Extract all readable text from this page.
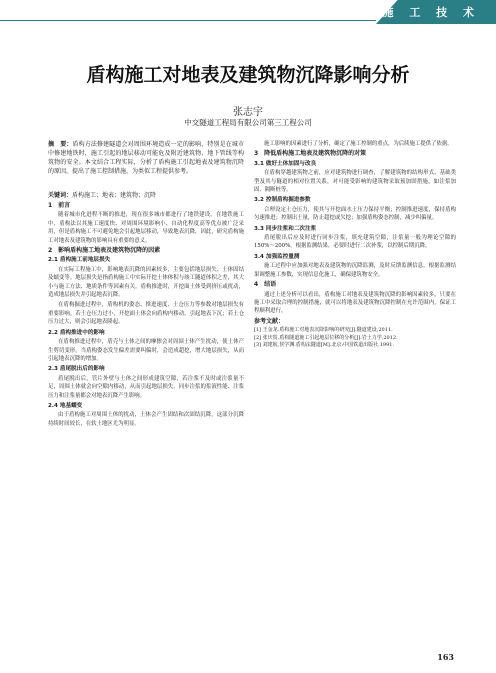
施 工 技 术
盾构施工对地表及建筑物沉降影响分析
张志宇
中交隧道工程局有限公司第三工程公司
摘　要：盾构方法修建隧道会对周围环境造成一定的影响，特别是在城市中修建地铁时，施工引起的地层移动可能危及附近建筑物、地下管线等构筑物的安全。本文结合工程实际，分析了盾构施工引起地表及建筑物沉降的原因，提出了施工控制措施，为类似工程提供参考。
关键词：盾构施工；地表；建筑物；沉降
1　前言

随着城市化进程不断的推进，现在很多城市都进行了地铁建设。在地铁施工中，盾构法以其施工速度快、对周围环境影响小、自动化程度高等优点被广泛采用，但是盾构施工不可避免地会引起地层移动，导致地表沉降，因此，研究盾构施工对地表及建筑物的影响具有重要的意义。

2　影响盾构施工地表及建筑物沉降的因素
2.1 盾构施工前地层损失

在实际工程施工中，影响地表沉降的因素较多，主要包括地层损失、土体固结及蠕变等。地层损失是指盾构施工中实际开挖土体体积与竣工隧道体积之差，其大小与施工方法、地质条件等因素有关。盾构推进时，开挖面土体受到挤压或扰动，造成地层损失并引起地表沉降。

在盾构掘进过程中，盾构机的姿态、推进速度、土仓压力等参数对地层损失有重要影响。若土仓压力过小，开挖面土体会向盾构内移动，引起地表下沉；若土仓压力过大，则会引起地表隆起。

2.2 盾构推进中的影响

在盾构推进过程中，盾壳与土体之间的摩擦会对周围土体产生扰动，使土体产生剪切变形。当盾构姿态发生偏差需要纠偏时，会造成超挖，增大地层损失，从而引起地表沉降的增加。

2.3 盾尾脱出后的影响

盾尾脱出后，管片外壁与土体之间形成建筑空隙，若注浆不及时或注浆量不足，周围土体就会向空隙内移动，从而引起地层损失。同步注浆的浆液性能、注浆压力和注浆量都会对地表沉降产生影响。

2.4 地基蠕变

由于盾构施工对周围土体的扰动，土体会产生固结和次固结沉降，这部分沉降持续时间较长，在软土地区尤为明显。

施工影响的因素进行了分析，确定了施工控制的重点，为后续施工提供了依据。

3　降低盾构施工地表及建筑物沉降的对策
3.1 做好土体加固与改良

在盾构穿越建筑物之前，应对建筑物进行调查，了解建筑物的结构形式、基础类型及其与隧道的相对位置关系，对可能受影响的建筑物采取预加固措施，如注浆加固、隔断桩等。

3.2 控制盾构掘进参数

合理设定土仓压力，使其与开挖面水土压力保持平衡；控制推进速度，保持盾构匀速推进；控制出土量，防止超挖或欠挖；加强盾构姿态控制，减少纠偏量。

3.3 同步注浆和二次注浆

盾尾脱出后应及时进行同步注浆，填充建筑空隙，注浆量一般为理论空隙的150%～200%。根据监测结果，必要时进行二次补浆，以控制后期沉降。

3.4 加强监控量测

施工过程中应加强对地表及建筑物的沉降监测，及时反馈监测信息，根据监测结果调整施工参数，实现信息化施工，确保建筑物安全。

4　结语

通过上述分析可以看出，盾构施工对地表及建筑物沉降的影响因素较多，只要在施工中采取合理的控制措施，就可以将地表及建筑物沉降控制在允许范围内，保证工程顺利进行。

参考文献：
[1] 王金龙.盾构施工对地表沉降影响的研究[J].隧道建设,2011.
[2] 张庆贺.盾构隧道施工引起地层位移的分析[J].岩土力学,2012.
[3] 刘建航,侯学渊.盾构法隧道[M].北京:中国铁道出版社,1991.
163
